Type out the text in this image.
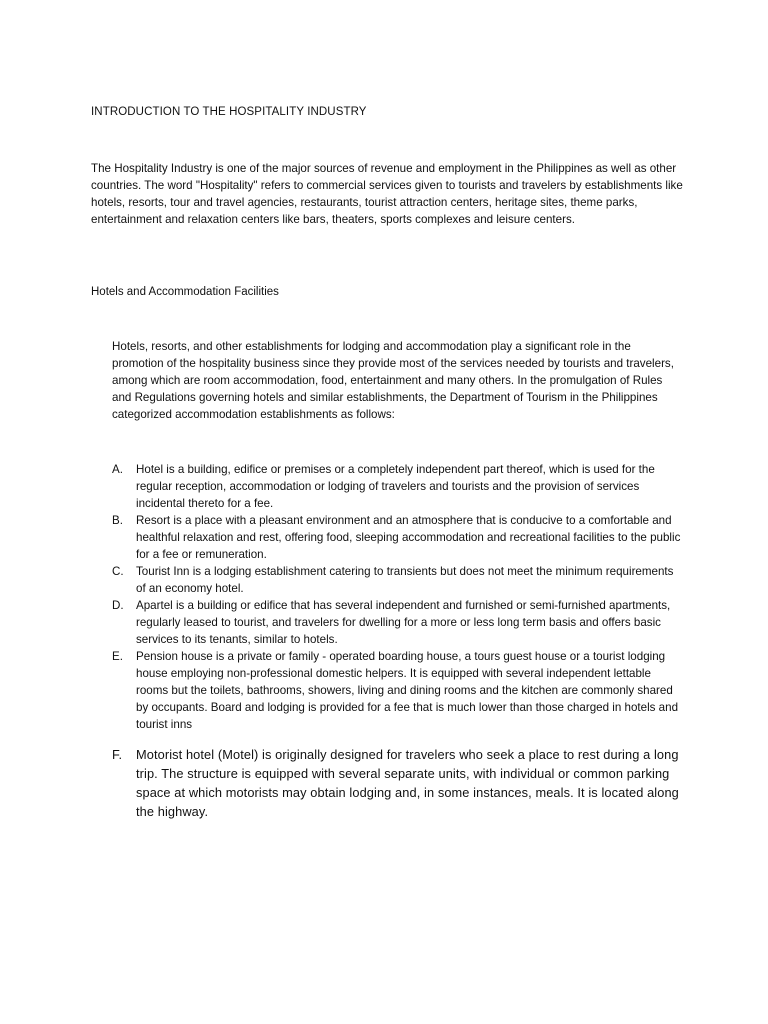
INTRODUCTION TO THE HOSPITALITY INDUSTRY

The Hospitality Industry is one of the major sources of revenue and employment in the Philippines as well as other countries. The word "Hospitality" refers to commercial services given to tourists and travelers by establishments like hotels, resorts, tour and travel agencies, restaurants, tourist attraction centers, heritage sites, theme parks, entertainment and relaxation centers like bars, theaters, sports complexes and leisure centers.

Hotels and Accommodation Facilities

Hotels, resorts, and other establishments for lodging and accommodation play a significant role in the promotion of the hospitality business since they provide most of the services needed by tourists and travelers, among which are room accommodation, food, entertainment and many others. In the promulgation of Rules and Regulations governing hotels and similar establishments, the Department of Tourism in the Philippines categorized accommodation establishments as follows:

A. Hotel is a building, edifice or premises or a completely independent part thereof, which is used for the regular reception, accommodation or lodging of travelers and tourists and the provision of services incidental thereto for a fee.
B. Resort is a place with a pleasant environment and an atmosphere that is conducive to a comfortable and healthful relaxation and rest, offering food, sleeping accommodation and recreational facilities to the public for a fee or remuneration.
C. Tourist Inn is a lodging establishment catering to transients but does not meet the minimum requirements of an economy hotel.
D. Apartel is a building or edifice that has several independent and furnished or semi-furnished apartments, regularly leased to tourist, and travelers for dwelling for a more or less long term basis and offers basic services to its tenants, similar to hotels.
E. Pension house is a private or family - operated boarding house, a tours guest house or a tourist lodging house employing non-professional domestic helpers. It is equipped with several independent lettable rooms but the toilets, bathrooms, showers, living and dining rooms and the kitchen are commonly shared by occupants. Board and lodging is provided for a fee that is much lower than those charged in hotels and tourist inns
F. Motorist hotel (Motel) is originally designed for travelers who seek a place to rest during a long trip. The structure is equipped with several separate units, with individual or common parking space at which motorists may obtain lodging and, in some instances, meals. It is located along the highway.
